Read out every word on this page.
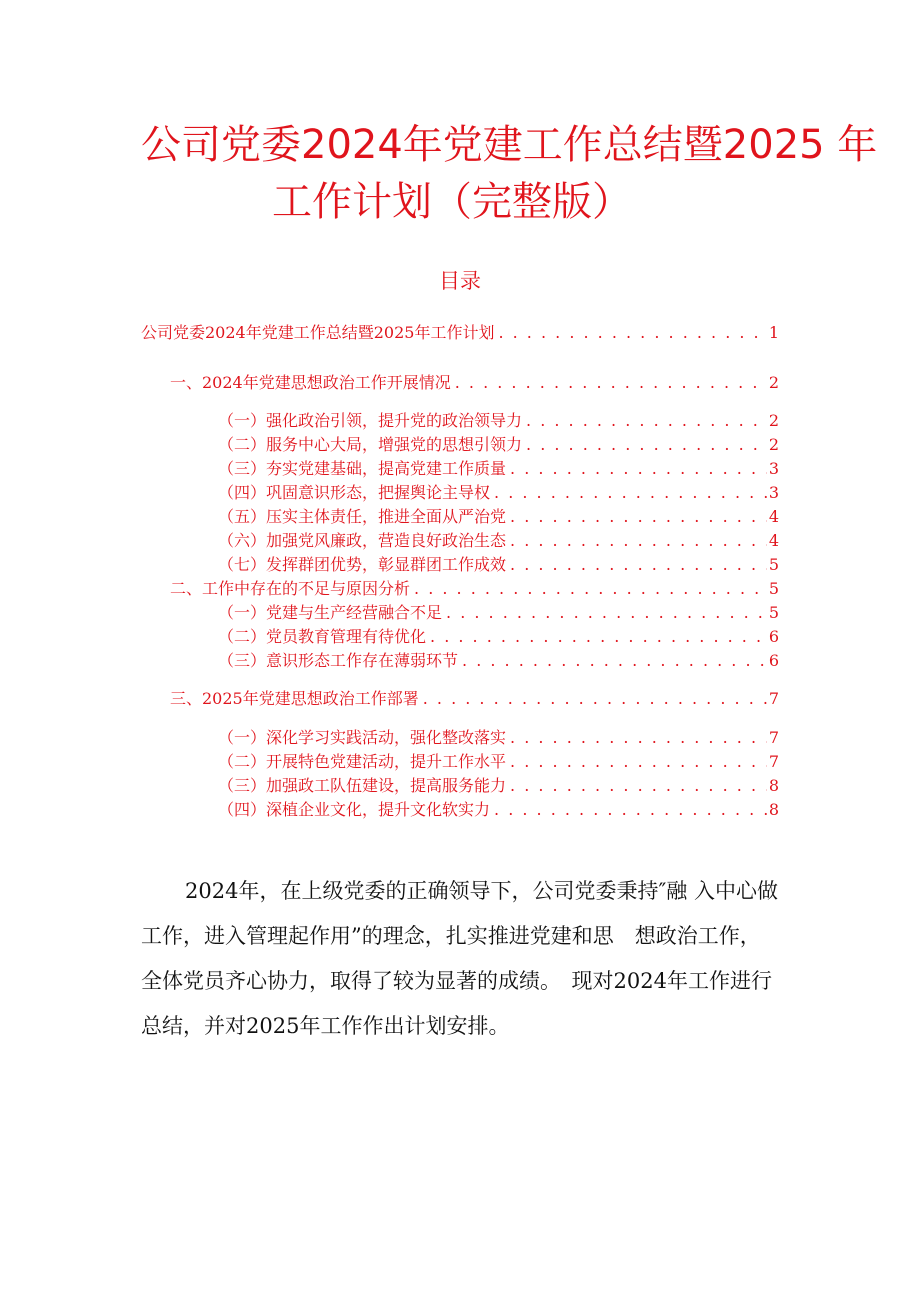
公司党委2024年党建工作总结暨2025 年
工作计划（完整版）
目录
公司党委2024年党建工作总结暨2025年工作计划 . . .	1
一、2024年党建思想政治工作开展情况 . . .	2
（一）强化政治引领，提升党的政治领导力 . . .	2
（二）服务中心大局，增强党的思想引领力 . . .	2
（三）夯实党建基础，提高党建工作质量 . . .	3
（四）巩固意识形态，把握舆论主导权 . . .	3
（五）压实主体责任，推进全面从严治党 . . .	4
（六）加强党风廉政，营造良好政治生态 . . .	4
（七）发挥群团优势，彰显群团工作成效 . . .	5
二、工作中存在的不足与原因分析 . . .	5
（一）党建与生产经营融合不足 . . .	5
（二）党员教育管理有待优化 . . .	6
（三）意识形态工作存在薄弱环节 . . .	6
三、2025年党建思想政治工作部署 . . .	7
（一）深化学习实践活动，强化整改落实 . . .	7
（二）开展特色党建活动，提升工作水平 . . .	7
（三）加强政工队伍建设，提高服务能力 . . .	8
（四）深植企业文化，提升文化软实力 . . .	8
2024年，在上级党委的正确领导下，公司党委秉持″融 入中心做
工作，进入管理起作用”的理念，扎实推进党建和思　想政治工作，
全体党员齐心协力，取得了较为显著的成绩。　现对2024年工作进行
总结，并对2025年工作作出计划安排。
